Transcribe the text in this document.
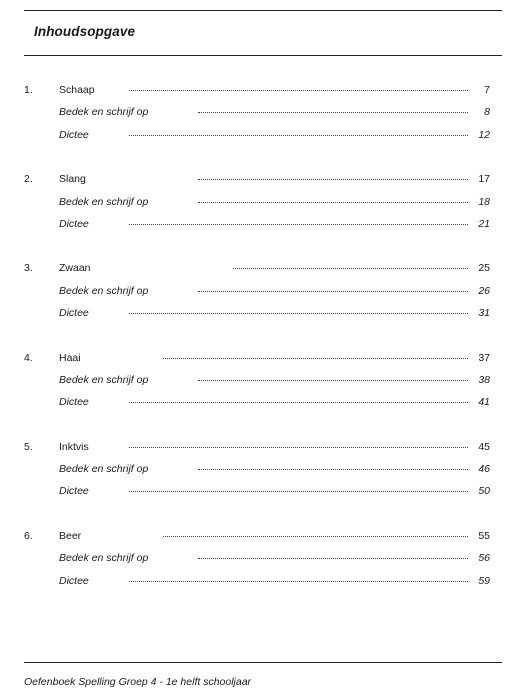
Inhoudsopgave
1. Schaap	7
Bedek en schrijf op	8
Dictee	12
2. Slang	17
Bedek en schrijf op	18
Dictee	21
3. Zwaan	25
Bedek en schrijf op	26
Dictee	31
4. Haai	37
Bedek en schrijf op	38
Dictee	41
5. Inktvis	45
Bedek en schrijf op	46
Dictee	50
6. Beer	55
Bedek en schrijf op	56
Dictee	59
Oefenboek Spelling Groep 4 - 1e helft schooljaar
